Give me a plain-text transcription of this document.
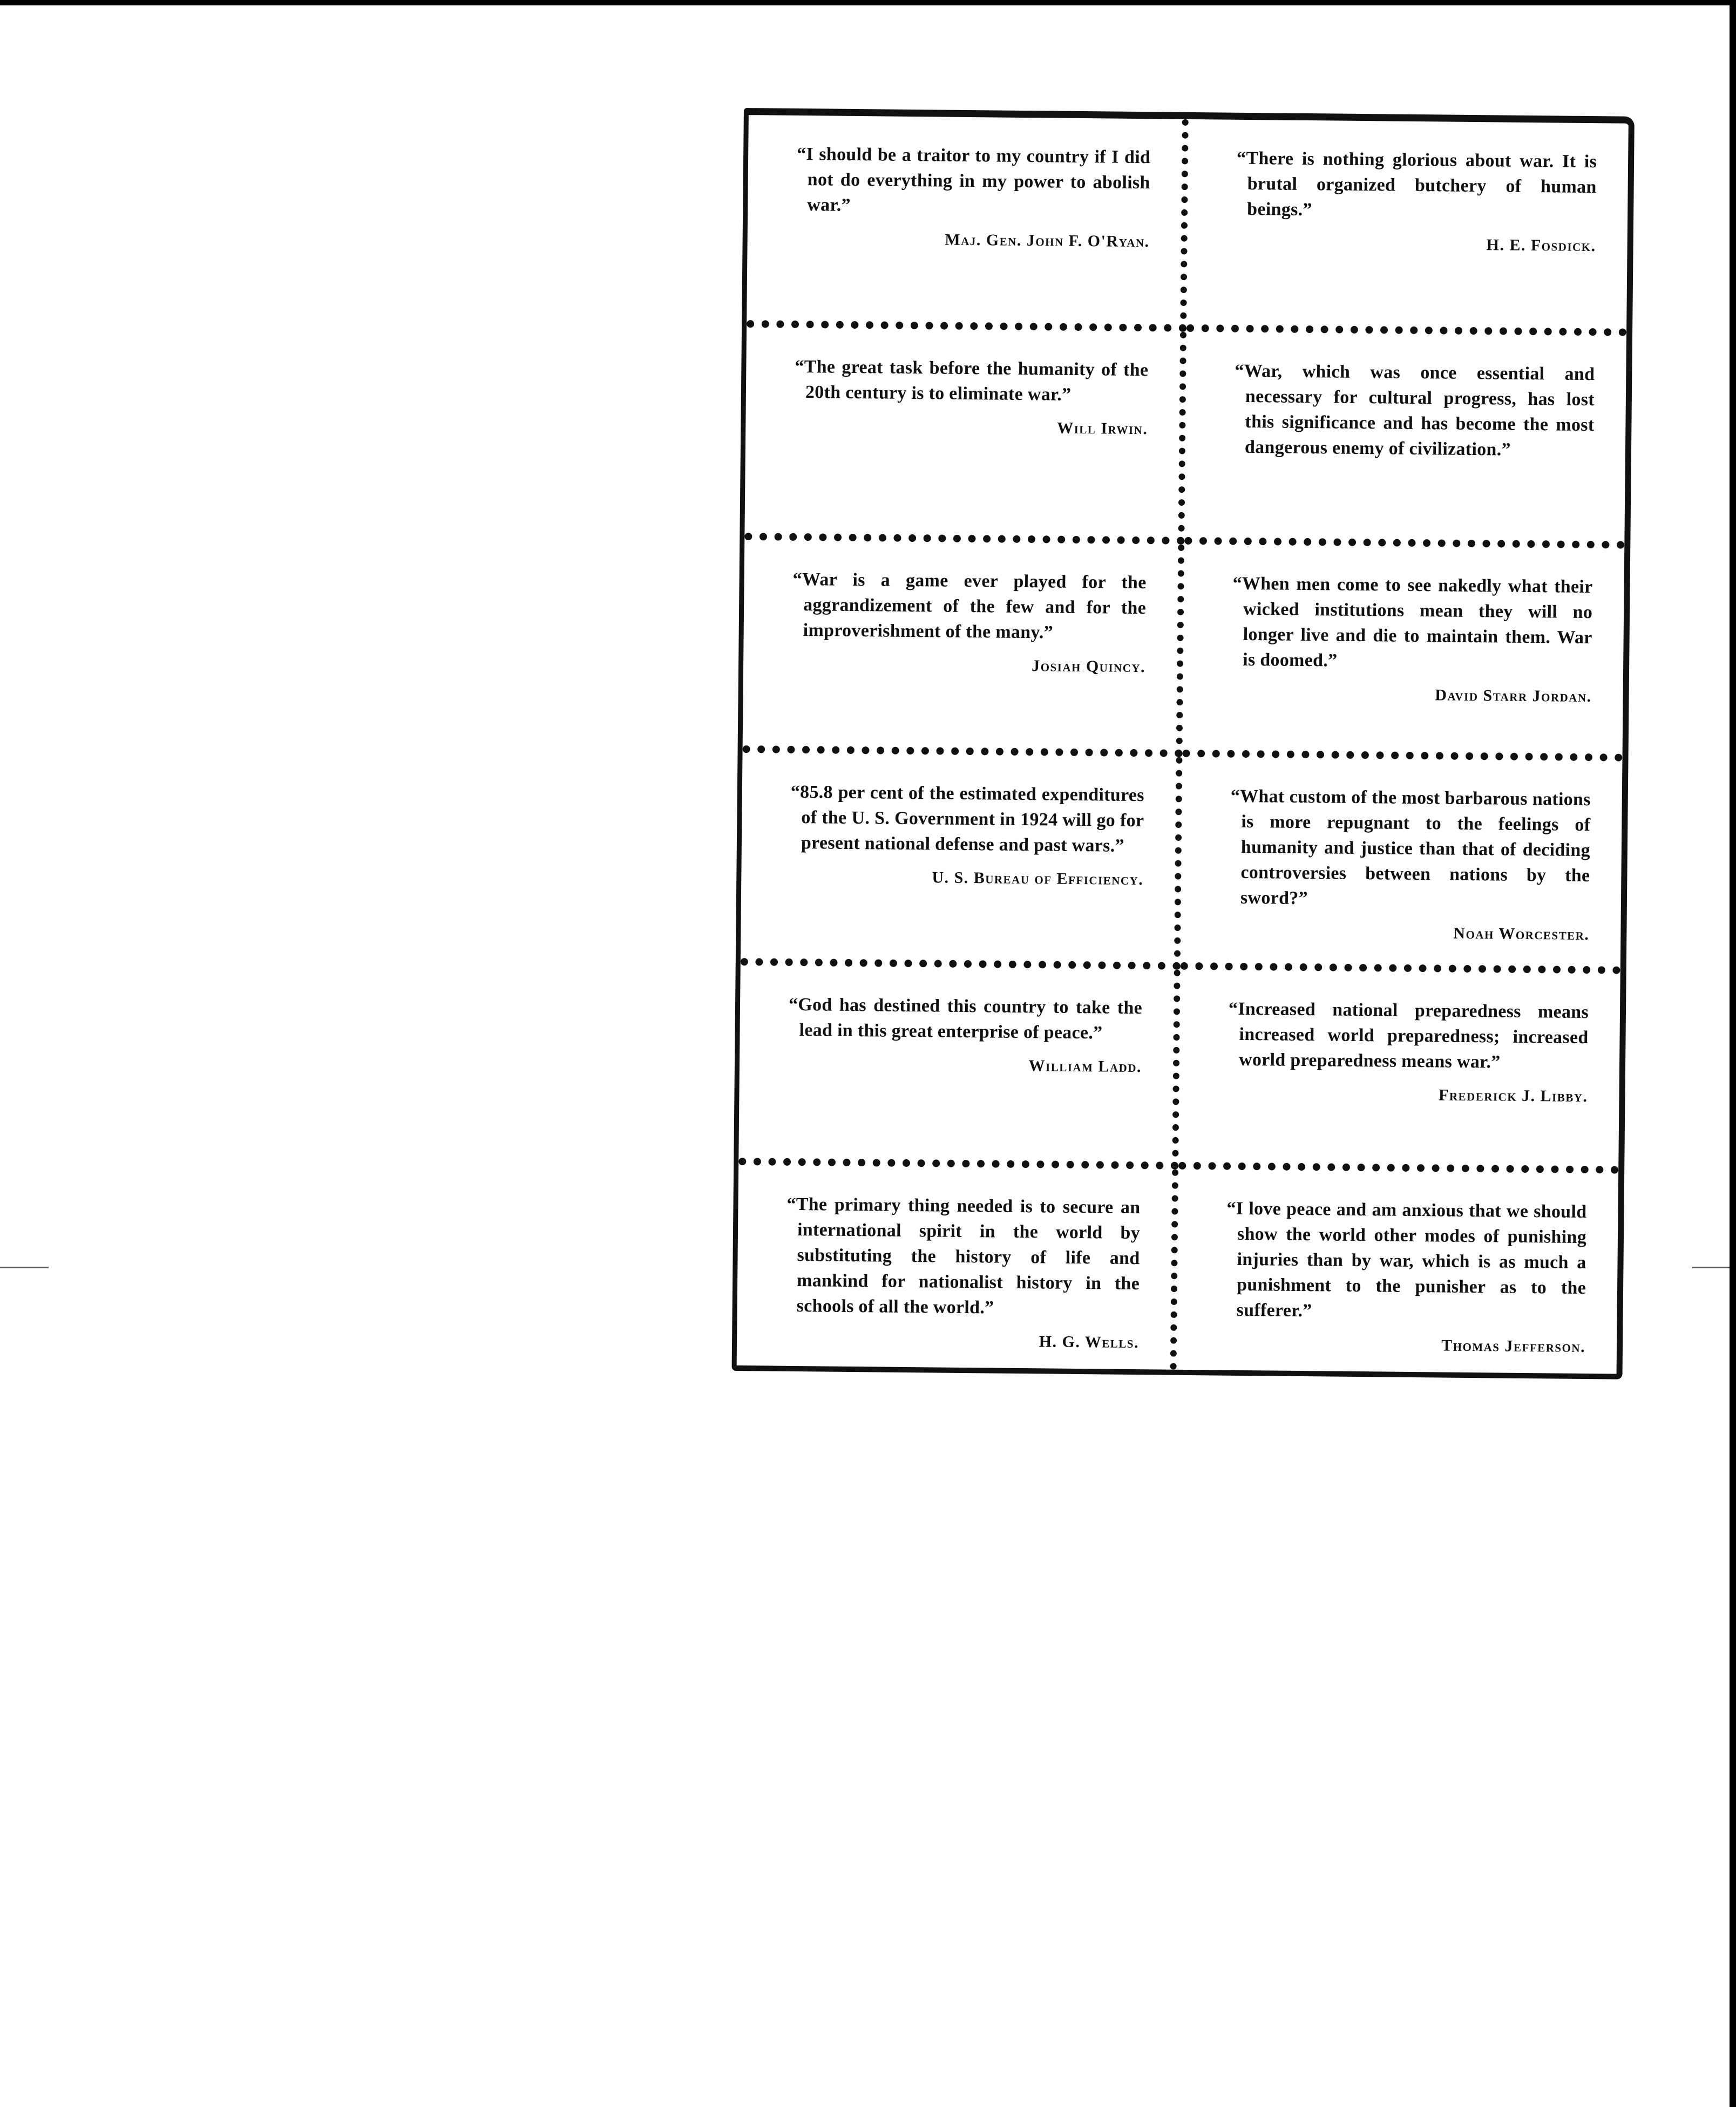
“I should be a traitor to my country if I did not do everything in my power to abolish war.”
Maj. Gen. John F. O'Ryan.
“There is nothing glorious about war. It is brutal organized butchery of human beings.”
H. E. Fosdick.
“The great task before the humanity of the 20th century is to eliminate war.”
Will Irwin.
“War, which was once essential and necessary for cultural progress, has lost this significance and has become the most dangerous enemy of civilization.”
“War is a game ever played for the aggrandizement of the few and for the improverishment of the many.”
Josiah Quincy.
“When men come to see nakedly what their wicked institutions mean they will no longer live and die to maintain them. War is doomed.”
David Starr Jordan.
“85.8 per cent of the estimated expenditures of the U. S. Government in 1924 will go for present national defense and past wars.”
U. S. Bureau of Efficiency.
“What custom of the most barbarous nations is more repugnant to the feelings of humanity and justice than that of deciding controversies between nations by the sword?”
Noah Worcester.
“God has destined this country to take the lead in this great enterprise of peace.”
William Ladd.
“Increased national preparedness means increased world preparedness; increased world preparedness means war.”
Frederick J. Libby.
“The primary thing needed is to secure an international spirit in the world by substituting the history of life and mankind for nationalist history in the schools of all the world.”
H. G. Wells.
“I love peace and am anxious that we should show the world other modes of punishing injuries than by war, which is as much a punishment to the punisher as to the sufferer.”
Thomas Jefferson.
